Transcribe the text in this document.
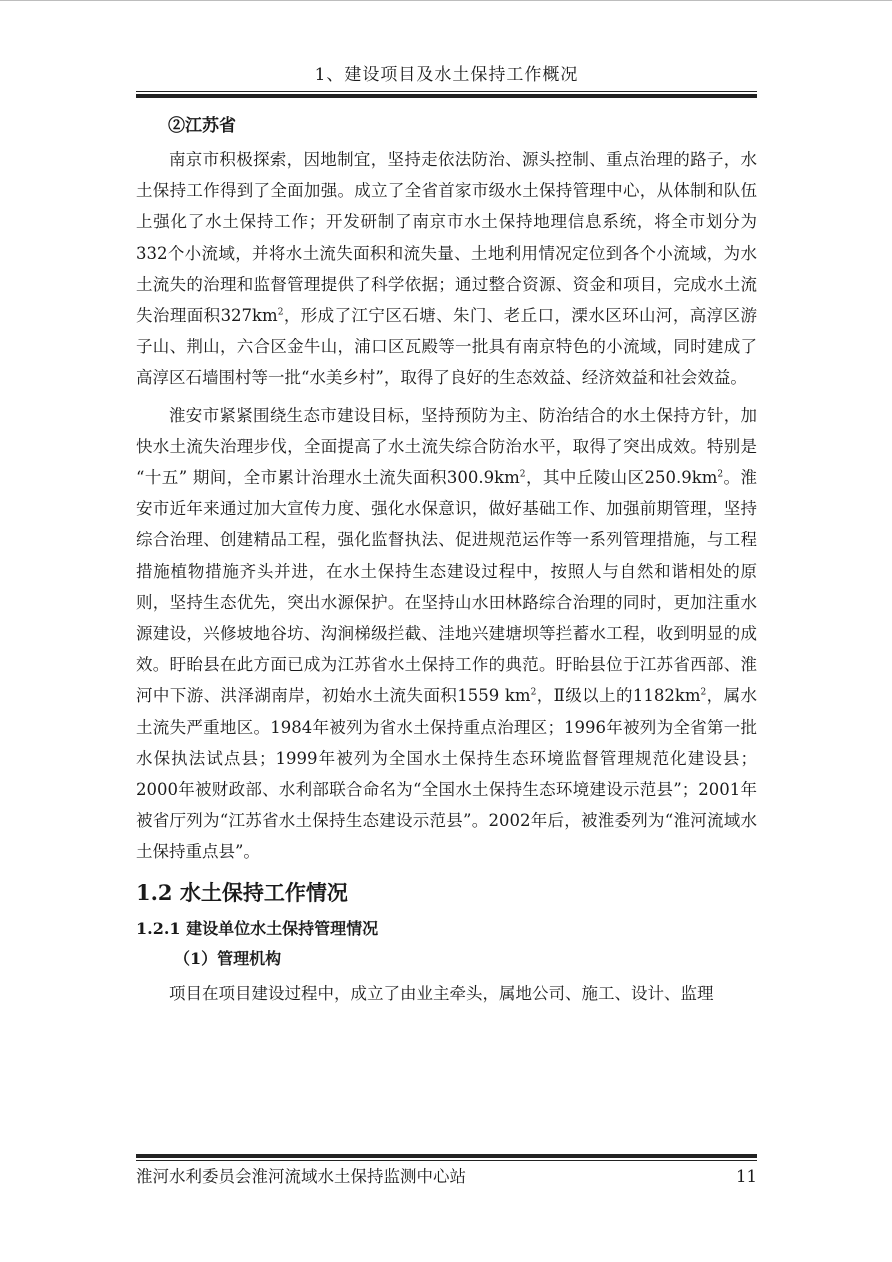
1、建设项目及水土保持工作概况
②江苏省

南京市积极探索，因地制宜，坚持走依法防治、源头控制、重点治理的路子，水土保持工作得到了全面加强。成立了全省首家市级水土保持管理中心，从体制和队伍上强化了水土保持工作；开发研制了南京市水土保持地理信息系统，将全市划分为332个小流域，并将水土流失面积和流失量、土地利用情况定位到各个小流域，为水土流失的治理和监督管理提供了科学依据；通过整合资源、资金和项目，完成水土流失治理面积$327km^2$，形成了江宁区石塘、朱门、老丘口，溧水区环山河，高淳区游子山、荆山，六合区金牛山，浦口区瓦殿等一批具有南京特色的小流域，同时建成了高淳区石墙围村等一批“水美乡村”，取得了良好的生态效益、经济效益和社会效益。

淮安市紧紧围绕生态市建设目标，坚持预防为主、防治结合的水土保持方针，加快水土流失治理步伐，全面提高了水土流失综合防治水平，取得了突出成效。特别是 “十五” 期间，全市累计治理水土流失面积$300.9km^2$，其中丘陵山区$250.9km^2$。淮安市近年来通过加大宣传力度、强化水保意识，做好基础工作、加强前期管理，坚持综合治理、创建精品工程，强化监督执法、促进规范运作等一系列管理措施，与工程措施植物措施齐头并进，在水土保持生态建设过程中，按照人与自然和谐相处的原则，坚持生态优先，突出水源保护。在坚持山水田林路综合治理的同时，更加注重水源建设，兴修坡地谷坊、沟涧梯级拦截、洼地兴建塘坝等拦蓄水工程，收到明显的成效。盱眙县在此方面已成为江苏省水土保持工作的典范。盱眙县位于江苏省西部、淮河中下游、洪泽湖南岸，初始水土流失面积1559 $km^2$，Ⅱ级以上的$1182km^2$，属水土流失严重地区。1984年被列为省水土保持重点治理区；1996年被列为全省第一批水保执法试点县；1999年被列为全国水土保持生态环境监督管理规范化建设县；2000年被财政部、水利部联合命名为“全国水土保持生态环境建设示范县”；2001年被省厅列为“江苏省水土保持生态建设示范县”。2002年后，被淮委列为“淮河流域水土保持重点县”。

1.2 水土保持工作情况
1.2.1 建设单位水土保持管理情况
（1）管理机构

项目在项目建设过程中，成立了由业主牵头，属地公司、施工、设计、监理

淮河水利委员会淮河流域水土保持监测中心站	11
